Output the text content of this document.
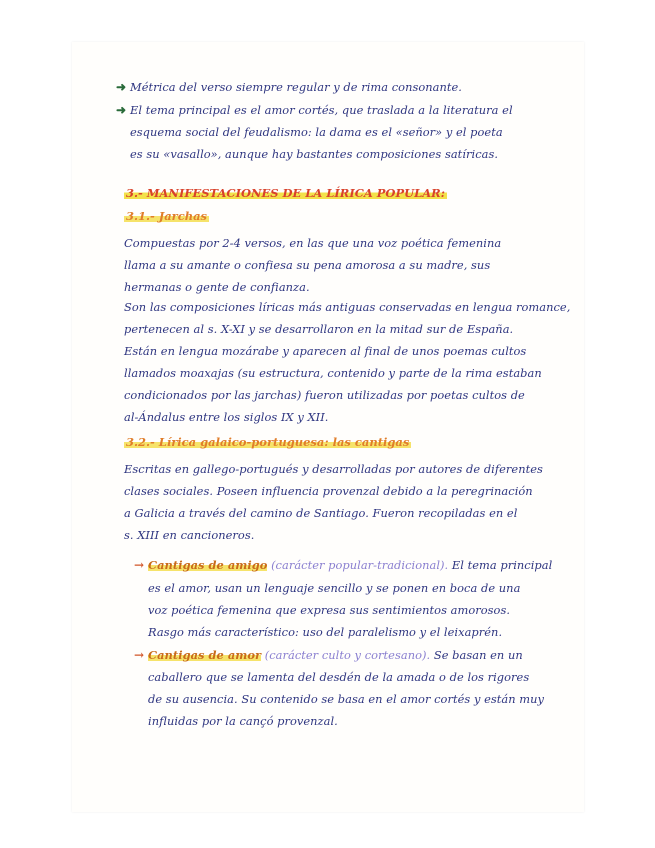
➜ Métrica del verso siempre regular y de rima consonante.
➜ El tema principal es el amor cortés, que traslada a la literatura el
esquema social del feudalismo: la dama es el «señor» y el poeta
es su «vasallo», aunque hay bastantes composiciones satíricas.
3.- MANIFESTACIONES DE LA LÍRICA POPULAR:
3.1.- Jarchas
Compuestas por 2-4 versos, en las que una voz poética femenina
llama a su amante o confiesa su pena amorosa a su madre, sus
hermanas o gente de confianza.
Son las composiciones líricas más antiguas conservadas en lengua romance,
pertenecen al s. X-XI y se desarrollaron en la mitad sur de España.
Están en lengua mozárabe y aparecen al final de unos poemas cultos
llamados moaxajas (su estructura, contenido y parte de la rima estaban
condicionados por las jarchas) fueron utilizadas por poetas cultos de
al-Ándalus entre los siglos IX y XII.
3.2.- Lírica galaico-portuguesa: las cantigas
Escritas en gallego-portugués y desarrolladas por autores de diferentes
clases sociales. Poseen influencia provenzal debido a la peregrinación
a Galicia a través del camino de Santiago. Fueron recopiladas en el
s. XIII en cancioneros.
→ Cantigas de amigo (carácter popular-tradicional). El tema principal
es el amor, usan un lenguaje sencillo y se ponen en boca de una
voz poética femenina que expresa sus sentimientos amorosos.
Rasgo más característico: uso del paralelismo y el leixaprén.
→ Cantigas de amor (carácter culto y cortesano). Se basan en un
caballero que se lamenta del desdén de la amada o de los rigores
de su ausencia. Su contenido se basa en el amor cortés y están muy
influidas por la cançó provenzal.
